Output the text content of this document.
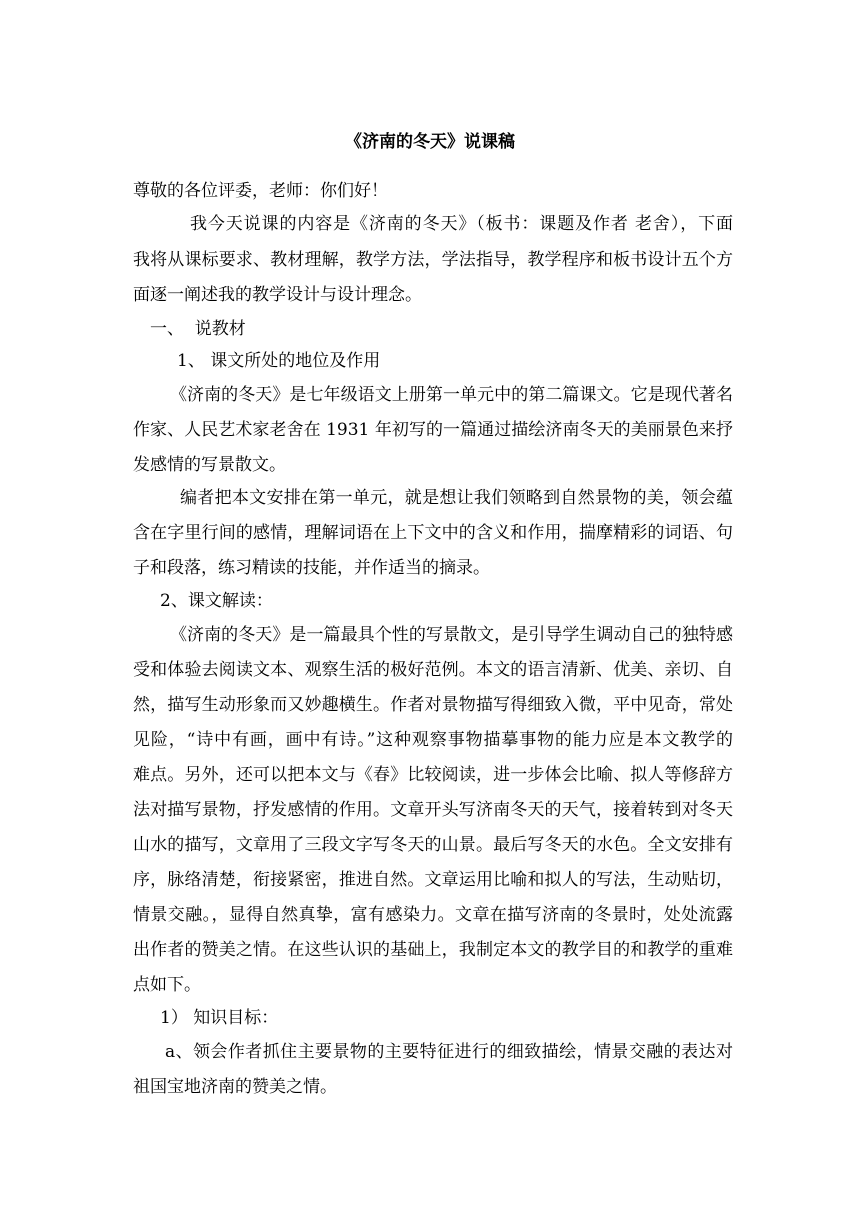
《济南的冬天》说课稿
尊敬的各位评委，老师：你们好！
我今天说课的内容是《济南的冬天》（板书：课题及作者 老舍），下面
我将从课标要求、教材理解，教学方法，学法指导，教学程序和板书设计五个方
面逐一阐述我的教学设计与设计理念。
一、  说教材
1、 课文所处的地位及作用
《济南的冬天》是七年级语文上册第一单元中的第二篇课文。它是现代著名
作家、人民艺术家老舍在 1931 年初写的一篇通过描绘济南冬天的美丽景色来抒
发感情的写景散文。
编者把本文安排在第一单元，就是想让我们领略到自然景物的美，领会蕴
含在字里行间的感情，理解词语在上下文中的含义和作用，揣摩精彩的词语、句
子和段落，练习精读的技能，并作适当的摘录。
2、课文解读：
《济南的冬天》是一篇最具个性的写景散文，是引导学生调动自己的独特感
受和体验去阅读文本、观察生活的极好范例。本文的语言清新、优美、亲切、自
然，描写生动形象而又妙趣横生。作者对景物描写得细致入微，平中见奇，常处
见险，“诗中有画，画中有诗。”这种观察事物描摹事物的能力应是本文教学的
难点。另外，还可以把本文与《春》比较阅读，进一步体会比喻、拟人等修辞方
法对描写景物，抒发感情的作用。文章开头写济南冬天的天气，接着转到对冬天
山水的描写，文章用了三段文字写冬天的山景。最后写冬天的水色。全文安排有
序，脉络清楚，衔接紧密，推进自然。文章运用比喻和拟人的写法，生动贴切，
情景交融。，显得自然真挚，富有感染力。文章在描写济南的冬景时，处处流露
出作者的赞美之情。在这些认识的基础上，我制定本文的教学目的和教学的重难
点如下。
1） 知识目标：
a、领会作者抓住主要景物的主要特征进行的细致描绘，情景交融的表达对
祖国宝地济南的赞美之情。
